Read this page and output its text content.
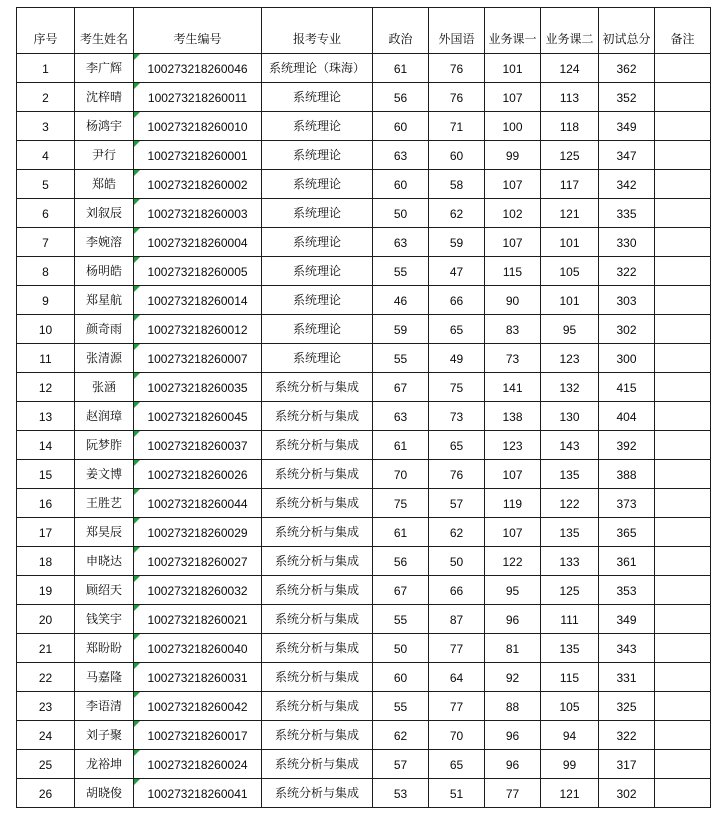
序号	考生姓名	考生编号	报考专业	政治	外国语	业务课一	业务课二	初试总分	备注
1	李广辉	100273218260046	系统理论（珠海）	61	76	101	124	362	
2	沈梓晴	100273218260011	系统理论	56	76	107	113	352	
3	杨鸿宇	100273218260010	系统理论	60	71	100	118	349	
4	尹行	100273218260001	系统理论	63	60	99	125	347	
5	郑皓	100273218260002	系统理论	60	58	107	117	342	
6	刘叙辰	100273218260003	系统理论	50	62	102	121	335	
7	李婉溶	100273218260004	系统理论	63	59	107	101	330	
8	杨明皓	100273218260005	系统理论	55	47	115	105	322	
9	郑星航	100273218260014	系统理论	46	66	90	101	303	
10	颜奇雨	100273218260012	系统理论	59	65	83	95	302	
11	张清源	100273218260007	系统理论	55	49	73	123	300	
12	张涵	100273218260035	系统分析与集成	67	75	141	132	415	
13	赵润璋	100273218260045	系统分析与集成	63	73	138	130	404	
14	阮梦胙	100273218260037	系统分析与集成	61	65	123	143	392	
15	姜文博	100273218260026	系统分析与集成	70	76	107	135	388	
16	王胜艺	100273218260044	系统分析与集成	75	57	119	122	373	
17	郑昊辰	100273218260029	系统分析与集成	61	62	107	135	365	
18	申晓达	100273218260027	系统分析与集成	56	50	122	133	361	
19	顾绍天	100273218260032	系统分析与集成	67	66	95	125	353	
20	钱笑宇	100273218260021	系统分析与集成	55	87	96	111	349	
21	郑盼盼	100273218260040	系统分析与集成	50	77	81	135	343	
22	马嘉隆	100273218260031	系统分析与集成	60	64	92	115	331	
23	李语清	100273218260042	系统分析与集成	55	77	88	105	325	
24	刘子聚	100273218260017	系统分析与集成	62	70	96	94	322	
25	龙裕坤	100273218260024	系统分析与集成	57	65	96	99	317	
26	胡晓俊	100273218260041	系统分析与集成	53	51	77	121	302	
